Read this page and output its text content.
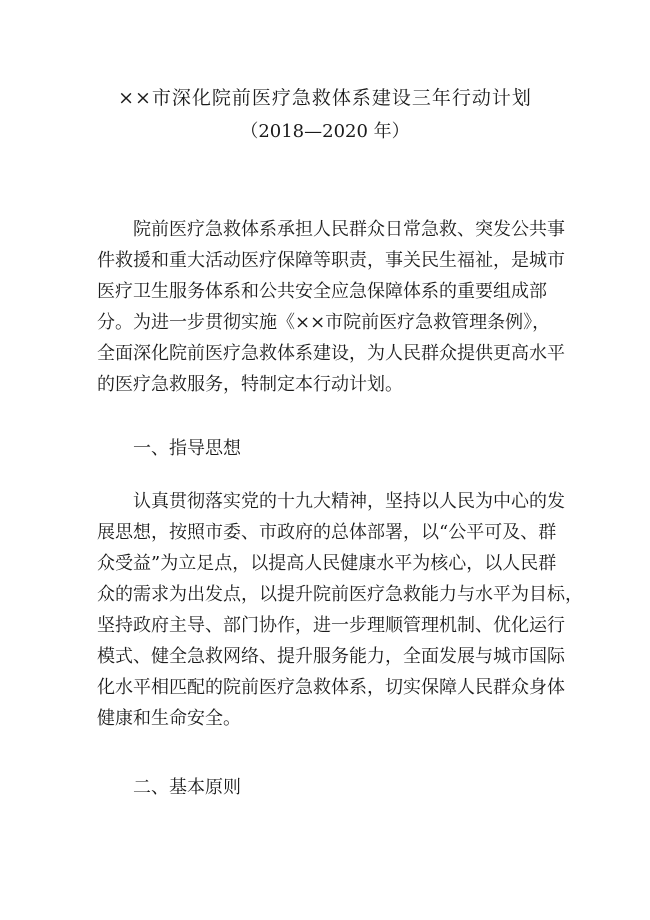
××市深化院前医疗急救体系建设三年行动计划
（2018—2020 年）
院前医疗急救体系承担人民群众日常急救、突发公共事
件救援和重大活动医疗保障等职责，事关民生福祉，是城市
医疗卫生服务体系和公共安全应急保障体系的重要组成部
分。为进一步贯彻实施《××市院前医疗急救管理条例》，
全面深化院前医疗急救体系建设，为人民群众提供更高水平
的医疗急救服务，特制定本行动计划。
一、指导思想
认真贯彻落实党的十九大精神，坚持以人民为中心的发
展思想，按照市委、市政府的总体部署，以“公平可及、群
众受益”为立足点，以提高人民健康水平为核心，以人民群
众的需求为出发点，以提升院前医疗急救能力与水平为目标，
坚持政府主导、部门协作，进一步理顺管理机制、优化运行
模式、健全急救网络、提升服务能力，全面发展与城市国际
化水平相匹配的院前医疗急救体系，切实保障人民群众身体
健康和生命安全。
二、基本原则
